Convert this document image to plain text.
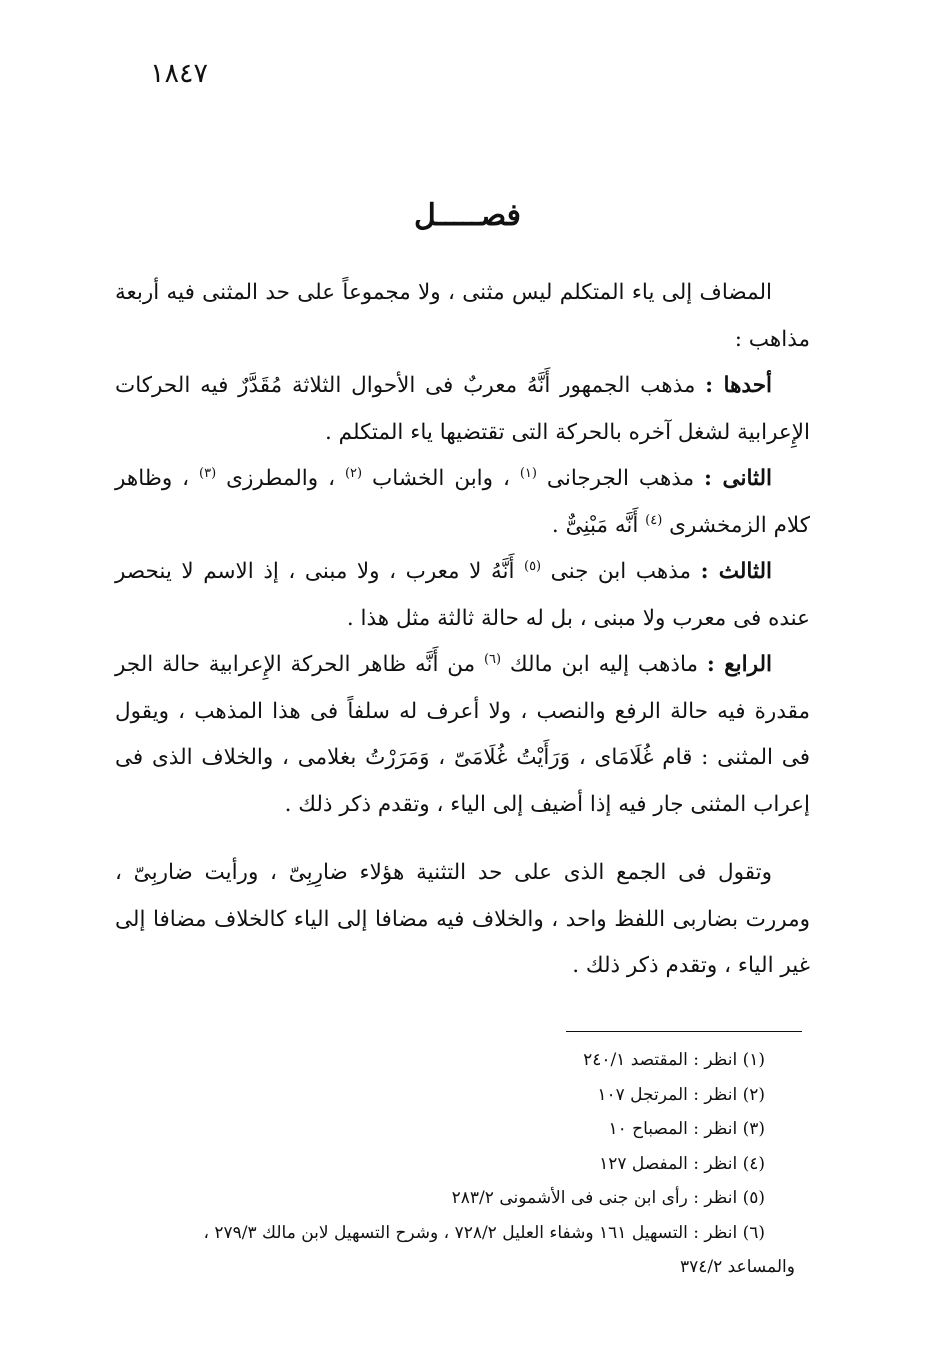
١٨٤٧
فصـــــل

المضاف إلى ياء المتكلم ليس مثنى ، ولا مجموعاً على حد المثنى فيه أربعة مذاهب :

أحدها : مذهب الجمهور أَنَّهُ معربٌ فى الأحوال الثلاثة مُقَدَّرٌ فيه الحركات الإِعرابية لشغل آخره بالحركة التى تقتضيها ياء المتكلم .

الثانى : مذهب الجرجانى $^{(١)}$ ، وابن الخشاب $^{(٢)}$ ، والمطرزى $^{(٣)}$ ، وظاهر كلام الزمخشرى $^{(٤)}$ أَنَّه مَبْنِىٌّ .

الثالث : مذهب ابن جنى $^{(٥)}$ أَنَّهُ لا معرب ، ولا مبنى ، إذ الاسم لا ينحصر عنده فى معرب ولا مبنى ، بل له حالة ثالثة مثل هذا .

الرابع : ماذهب إليه ابن مالك $^{(٦)}$ من أَنَّه ظاهر الحركة الإِعرابية حالة الجر مقدرة فيه حالة الرفع والنصب ، ولا أعرف له سلفاً فى هذا المذهب ، ويقول فى المثنى : قام غُلَامَاى ، وَرَأَيْتُ غُلَامَىّ ، وَمَرَرْتُ بغلامى ، والخلاف الذى فى إعراب المثنى جار فيه إذا أضيف إلى الياء ، وتقدم ذكر ذلك .

وتقول فى الجمع الذى على حد التثنية هؤلاء ضارِبِىّ ، ورأيت ضاربِىّ ، ومررت بضاربى اللفظ واحد ، والخلاف فيه مضافا إلى الياء كالخلاف مضافا إلى غير الياء ، وتقدم ذكر ذلك .

(١) انظر : المقتصد ٢٤٠/١

(٢) انظر : المرتجل ١٠٧

(٣) انظر : المصباح ١٠

(٤) انظر : المفصل ١٢٧

(٥) انظر : رأى ابن جنى فى الأشمونى ٢٨٣/٢

(٦) انظر : التسهيل ١٦١ وشفاء العليل ٧٢٨/٢ ، وشرح التسهيل لابن مالك ٢٧٩/٣ ،

والمساعد ٣٧٤/٢
